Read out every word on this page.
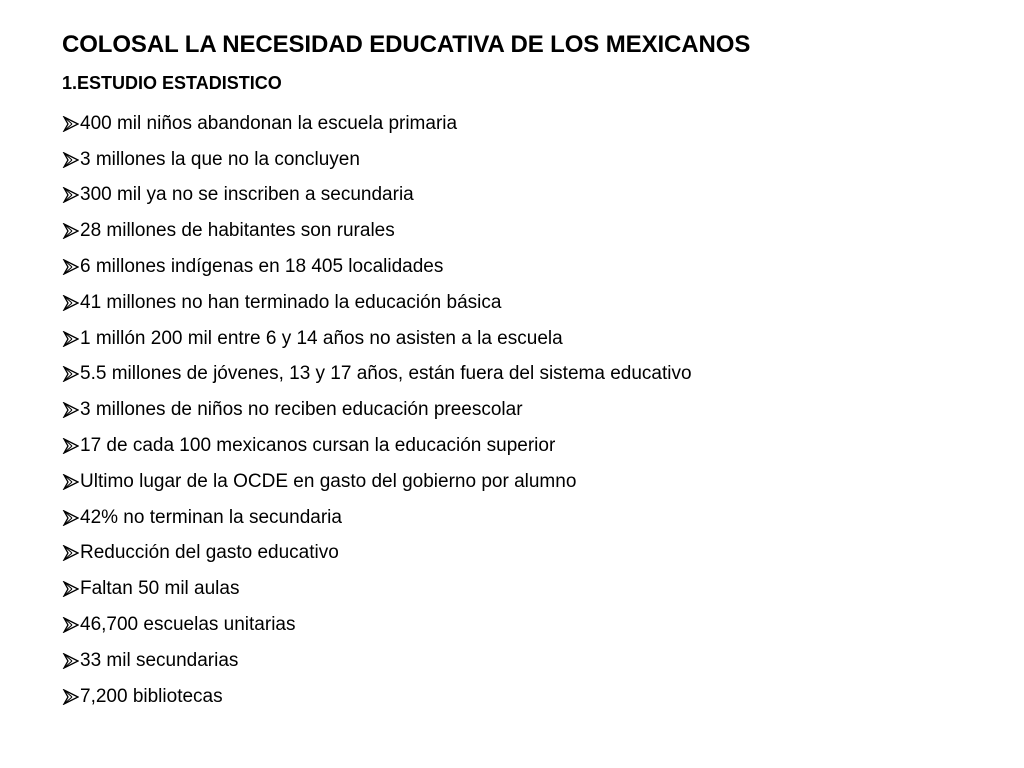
COLOSAL LA NECESIDAD EDUCATIVA DE LOS MEXICANOS
1.ESTUDIO ESTADISTICO
400 mil niños abandonan la escuela primaria
3 millones la que no la concluyen
300 mil ya no se inscriben a secundaria
28 millones de habitantes son rurales
6 millones indígenas en 18 405 localidades
41 millones no han terminado la educación básica
1 millón 200 mil entre 6 y 14 años no asisten a la escuela
5.5 millones de jóvenes, 13 y 17 años, están fuera del sistema educativo
3 millones de niños no reciben educación preescolar
17 de cada 100 mexicanos cursan la educación superior
Ultimo lugar de la OCDE en gasto del gobierno por alumno
42% no terminan la secundaria
Reducción del gasto educativo
Faltan 50 mil aulas
46,700 escuelas unitarias
33 mil secundarias
7,200 bibliotecas
